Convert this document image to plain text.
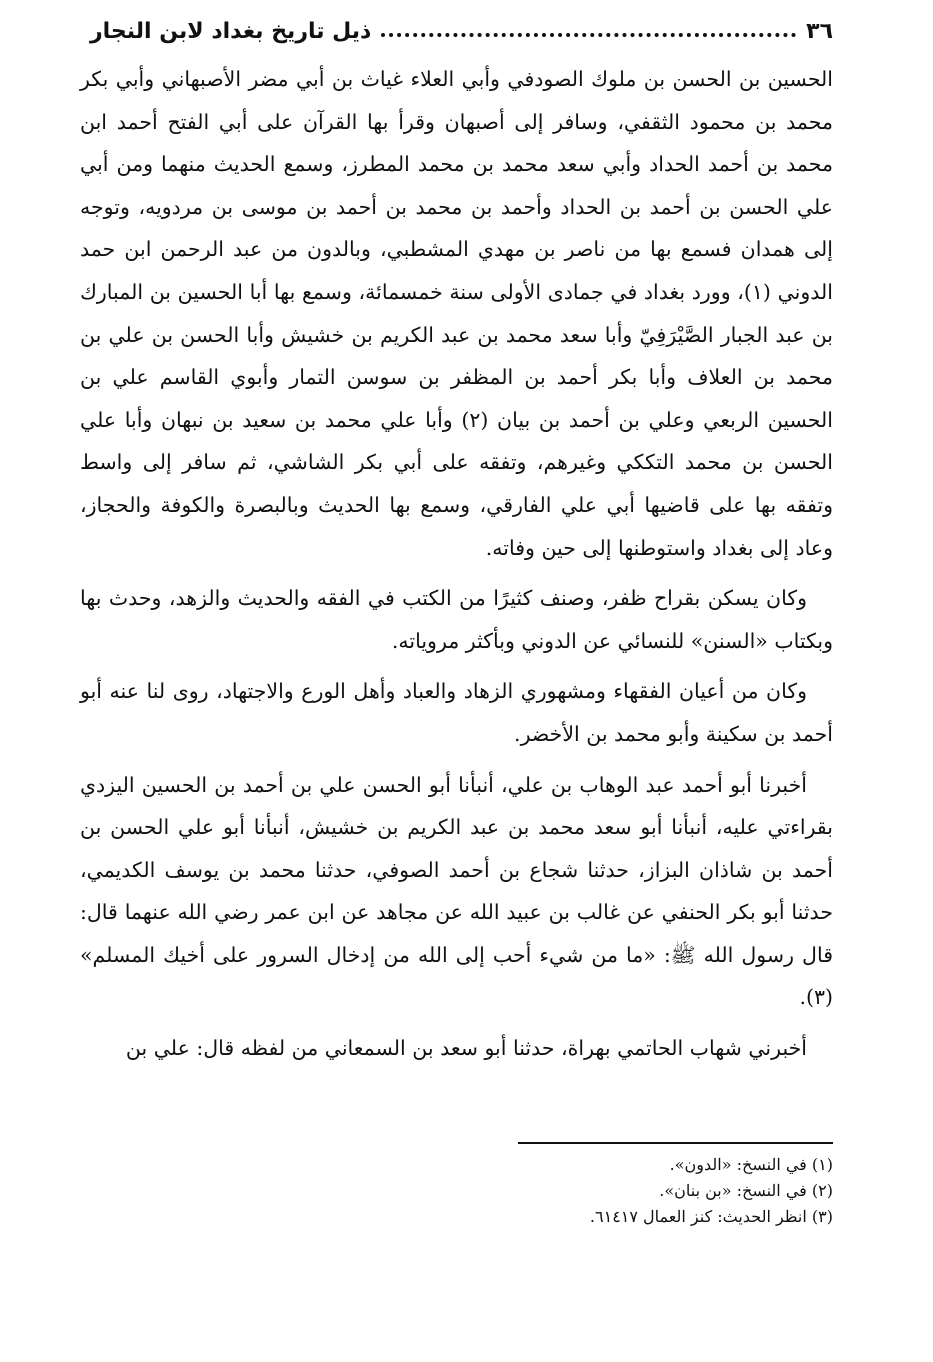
٣٦
ذيل تاريخ بغداد لابن النجار

الحسين بن الحسن بن ملوك الصودفي وأبي العلاء غياث بن أبي مضر الأصبهاني وأبي بكر محمد بن محمود الثقفي، وسافر إلى أصبهان وقرأ بها القرآن على أبي الفتح أحمد ابن محمد بن أحمد الحداد وأبي سعد محمد بن محمد المطرز، وسمع الحديث منهما ومن أبي علي الحسن بن أحمد بن الحداد وأحمد بن محمد بن أحمد بن موسى بن مردويه، وتوجه إلى همدان فسمع بها من ناصر بن مهدي المشطبي، وبالدون من عبد الرحمن ابن حمد الدوني (١)، وورد بغداد في جمادى الأولى سنة خمسمائة، وسمع بها أبا الحسين بن المبارك بن عبد الجبار الصَّيْرَفِيّ وأبا سعد محمد بن عبد الكريم بن خشيش وأبا الحسن بن علي بن محمد بن العلاف وأبا بكر أحمد بن المظفر بن سوسن التمار وأبوي القاسم علي بن الحسين الربعي وعلي بن أحمد بن بيان (٢) وأبا علي محمد بن سعيد بن نبهان وأبا علي الحسن بن محمد التككي وغيرهم، وتفقه على أبي بكر الشاشي، ثم سافر إلى واسط وتفقه بها على قاضيها أبي علي الفارقي، وسمع بها الحديث وبالبصرة والكوفة والحجاز، وعاد إلى بغداد واستوطنها إلى حين وفاته.

وكان يسكن بقراح ظفر، وصنف كثيرًا من الكتب في الفقه والحديث والزهد، وحدث بها وبكتاب «السنن» للنسائي عن الدوني وبأكثر مروياته.

وكان من أعيان الفقهاء ومشهوري الزهاد والعباد وأهل الورع والاجتهاد، روى لنا عنه أبو أحمد بن سكينة وأبو محمد بن الأخضر.

أخبرنا أبو أحمد عبد الوهاب بن علي، أنبأنا أبو الحسن علي بن أحمد بن الحسين اليزدي بقراءتي عليه، أنبأنا أبو سعد محمد بن عبد الكريم بن خشيش، أنبأنا أبو علي الحسن بن أحمد بن شاذان البزاز، حدثنا شجاع بن أحمد الصوفي، حدثنا محمد بن يوسف الكديمي، حدثنا أبو بكر الحنفي عن غالب بن عبيد الله عن مجاهد عن ابن عمر رضي الله عنهما قال: قال رسول الله ﷺ: «ما من شيء أحب إلى الله من إدخال السرور على أخيك المسلم» (٣).

أخبرني شهاب الحاتمي بهراة، حدثنا أبو سعد بن السمعاني من لفظه قال: علي بن

(١) في النسخ: «الدون».

(٢) في النسخ: «بن بنان».

(٣) انظر الحديث: كنز العمال ٦١٤١٧.
